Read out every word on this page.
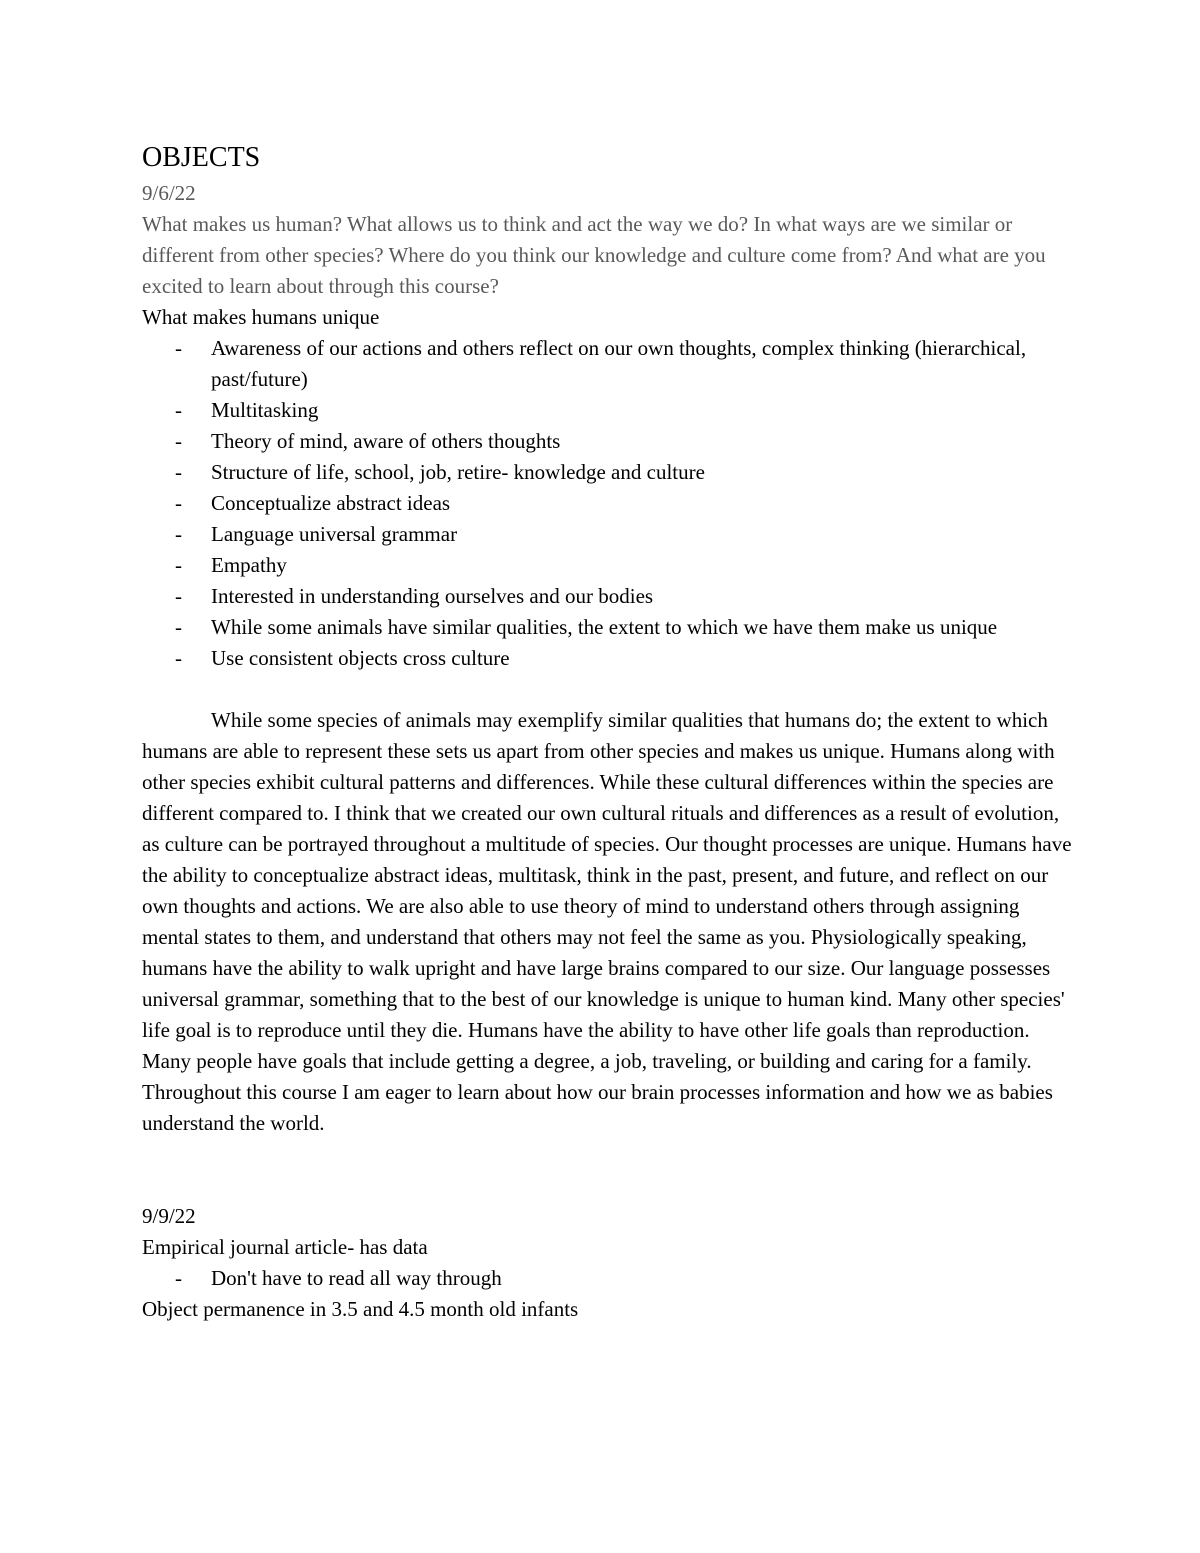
OBJECTS
9/6/22

What makes us human? What allows us to think and act the way we do? In what ways are we similar or different from other species? Where do you think our knowledge and culture come from? And what are you excited to learn about through this course?

What makes humans unique

- Awareness of our actions and others reflect on our own thoughts, complex thinking (hierarchical, past/future)
- Multitasking
- Theory of mind, aware of others thoughts
- Structure of life, school, job, retire- knowledge and culture
- Conceptualize abstract ideas
- Language universal grammar
- Empathy
- Interested in understanding ourselves and our bodies
- While some animals have similar qualities, the extent to which we have them make us unique
- Use consistent objects cross culture

While some species of animals may exemplify similar qualities that humans do; the extent to which humans are able to represent these sets us apart from other species and makes us unique. Humans along with other species exhibit cultural patterns and differences. While these cultural differences within the species are different compared to. I think that we created our own cultural rituals and differences as a result of evolution, as culture can be portrayed throughout a multitude of species. Our thought processes are unique. Humans have the ability to conceptualize abstract ideas, multitask, think in the past, present, and future, and reflect on our own thoughts and actions. We are also able to use theory of mind to understand others through assigning mental states to them, and understand that others may not feel the same as you. Physiologically speaking, humans have the ability to walk upright and have large brains compared to our size. Our language possesses universal grammar, something that to the best of our knowledge is unique to human kind. Many other species' life goal is to reproduce until they die. Humans have the ability to have other life goals than reproduction. Many people have goals that include getting a degree, a job, traveling, or building and caring for a family. Throughout this course I am eager to learn about how our brain processes information and how we as babies understand the world.

9/9/22

Empirical journal article- has data

- Don't have to read all way through

Object permanence in 3.5 and 4.5 month old infants
